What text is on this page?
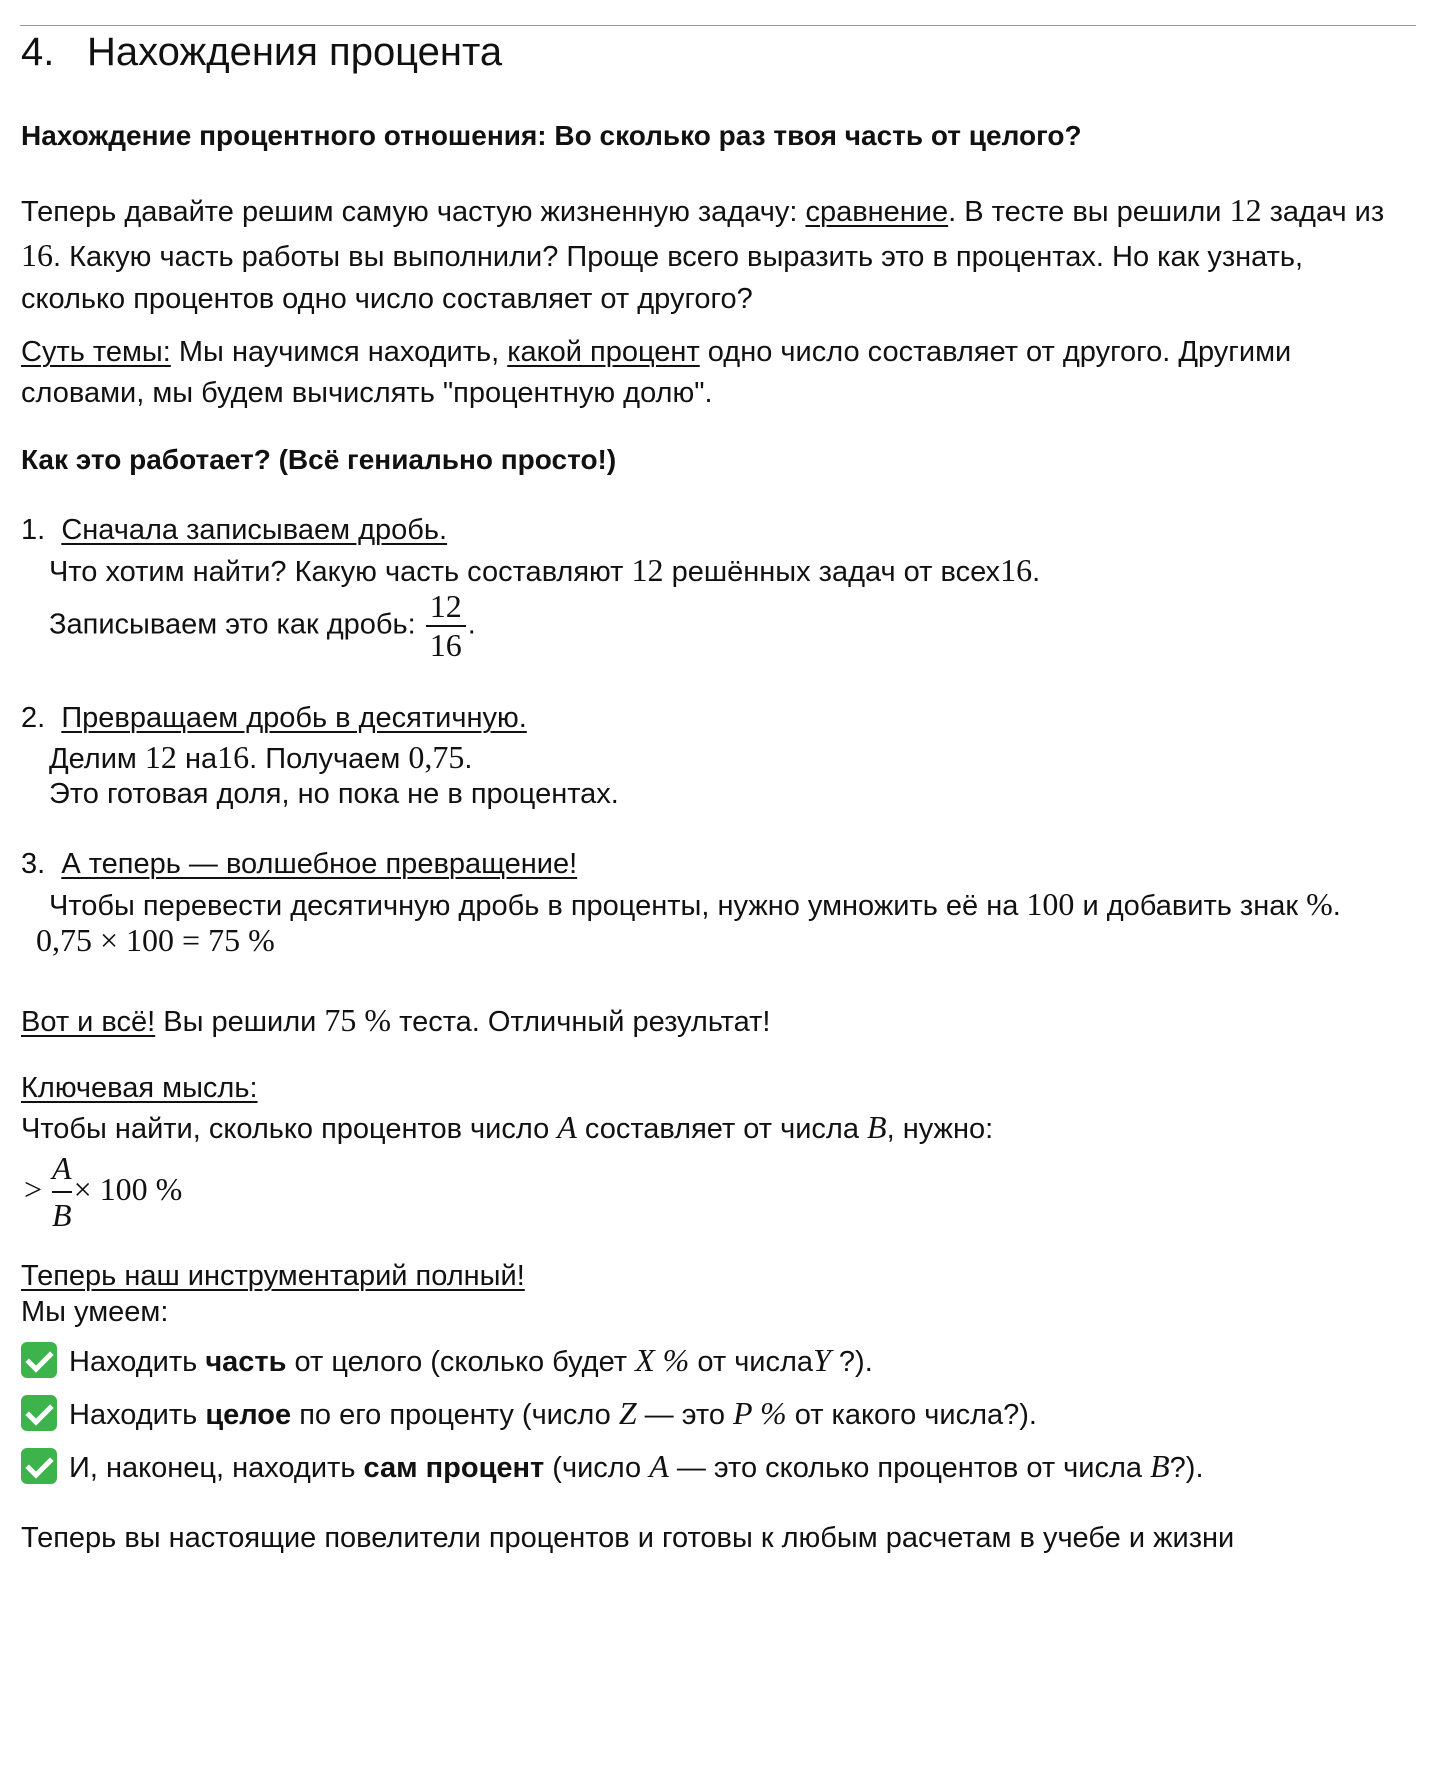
4. Нахождения процента
Нахождение процентного отношения: Во сколько раз твоя часть от целого?
Теперь давайте решим самую частую жизненную задачу: сравнение. В тесте вы решили 12 задач из
16. Какую часть работы вы выполнили? Проще всего выразить это в процентах. Но как узнать,
сколько процентов одно число составляет от другого?
Суть темы: Мы научимся находить, какой процент одно число составляет от другого. Другими
словами, мы будем вычислять "процентную долю".
Как это работает? (Всё гениально просто!)
1. Сначала записываем дробь.
Что хотим найти? Какую часть составляют 12 решённых задач от всех16.
Записываем это как дробь: $\frac{12}{16}$ .
2. Превращаем дробь в десятичную.
Делим 12 на16. Получаем 0,75.
Это готовая доля, но пока не в процентах.
3. А теперь — волшебное превращение!
Чтобы перевести десятичную дробь в проценты, нужно умножить её на 100 и добавить знак %.
0,75 × 100 = 75 %
Вот и всё! Вы решили 75 % теста. Отличный результат!
Ключевая мысль:
Чтобы найти, сколько процентов число A составляет от числа B, нужно:
> $\frac{A}{B} \times 100$ %
Теперь наш инструментарий полный!
Мы умеем:
Находить часть от целого (сколько будет X % от числаY ?).
Находить целое по его проценту (число Z — это P % от какого числа?).
И, наконец, находить сам процент (число A — это сколько процентов от числа B?).
Теперь вы настоящие повелители процентов и готовы к любым расчетам в учебе и жизни
